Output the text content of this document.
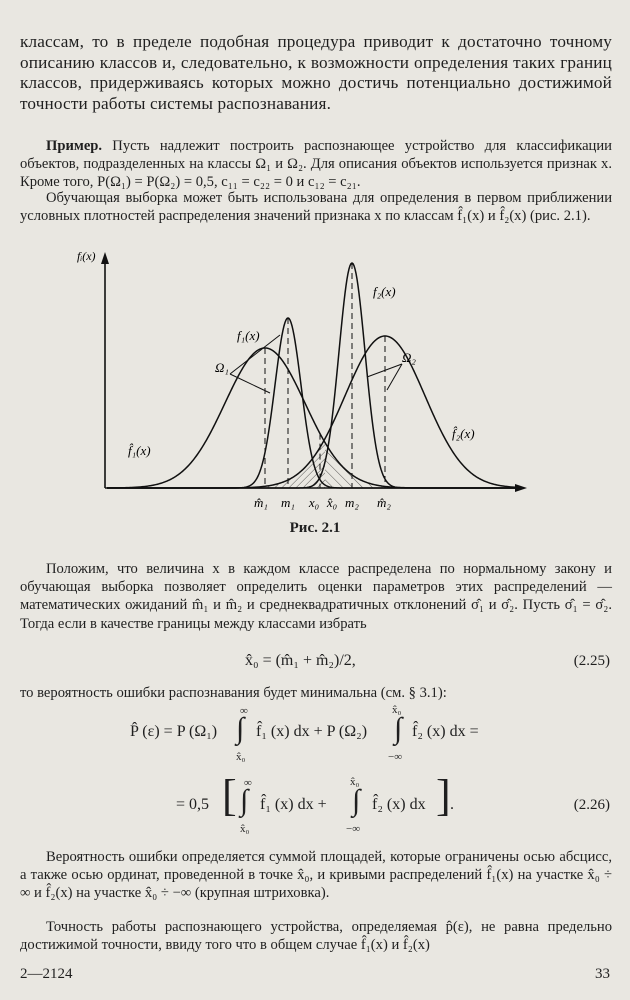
классам, то в пределе подобная процедура приводит к достаточно точному описанию классов и, следовательно, к возможности определения таких границ классов, придерживаясь которых можно достичь потенциально достижимой точности работы системы распознавания.
Пример. Пусть надлежит построить распознающее устройство для классификации объектов, подразделенных на классы Ω₁ и Ω₂. Для описания объектов используется признак x. Кроме того, P(Ω₁) = P(Ω₂) = 0,5, c₁₁ = c₂₂ = 0 и c₁₂ = c₂₁.
Обучающая выборка может быть использована для определения в первом приближении условных плотностей распределения значений признака x по классам f̂₁(x) и f̂₂(x) (рис. 2.1).
fᵢ(x)
f₁(x)
f₂(x)
f̂₁(x)
f̂₂(x)
Ω₁
Ω₂
m̂₁ m₁ x₀ x̂₀ m₂ m̂₂
Рис. 2.1
Положим, что величина x в каждом классе распределена по нормальному закону и обучающая выборка позволяет определить оценки параметров этих распределений — математических ожиданий m̂₁ и m̂₂ и среднеквадратичных отклонений σ̂₁ и σ̂₂. Пусть σ̂₁ = σ̂₂. Тогда если в качестве границы между классами избрать
x̂₀ = (m̂₁ + m̂₂)/2,	(2.25)
то вероятность ошибки распознавания будет минимальна (см. § 3.1):
P̂ (ε) = P (Ω₁) ∫
∞
x̂₀
f̂₁ (x) dx + P (Ω₂) ∫
x̂₀
−∞
f̂₂ (x) dx =
= 0,5 [ ∫
∞
x̂₀
f̂₁ (x) dx + ∫
x̂₀
−∞
f̂₂ (x) dx ] .	(2.26)
Вероятность ошибки определяется суммой площадей, которые ограничены осью абсцисс, а также осью ординат, проведенной в точке x̂₀, и кривыми распределений f̂₁(x) на участке x̂₀ ÷ ∞ и f̂₂(x) на участке x̂₀ ÷ −∞ (крупная штриховка).
Точность работы распознающего устройства, определяемая p̂(ε), не равна предельно достижимой точности, ввиду того что в общем случае f̂₁(x) и f̂₂(x)
2—2124	33
